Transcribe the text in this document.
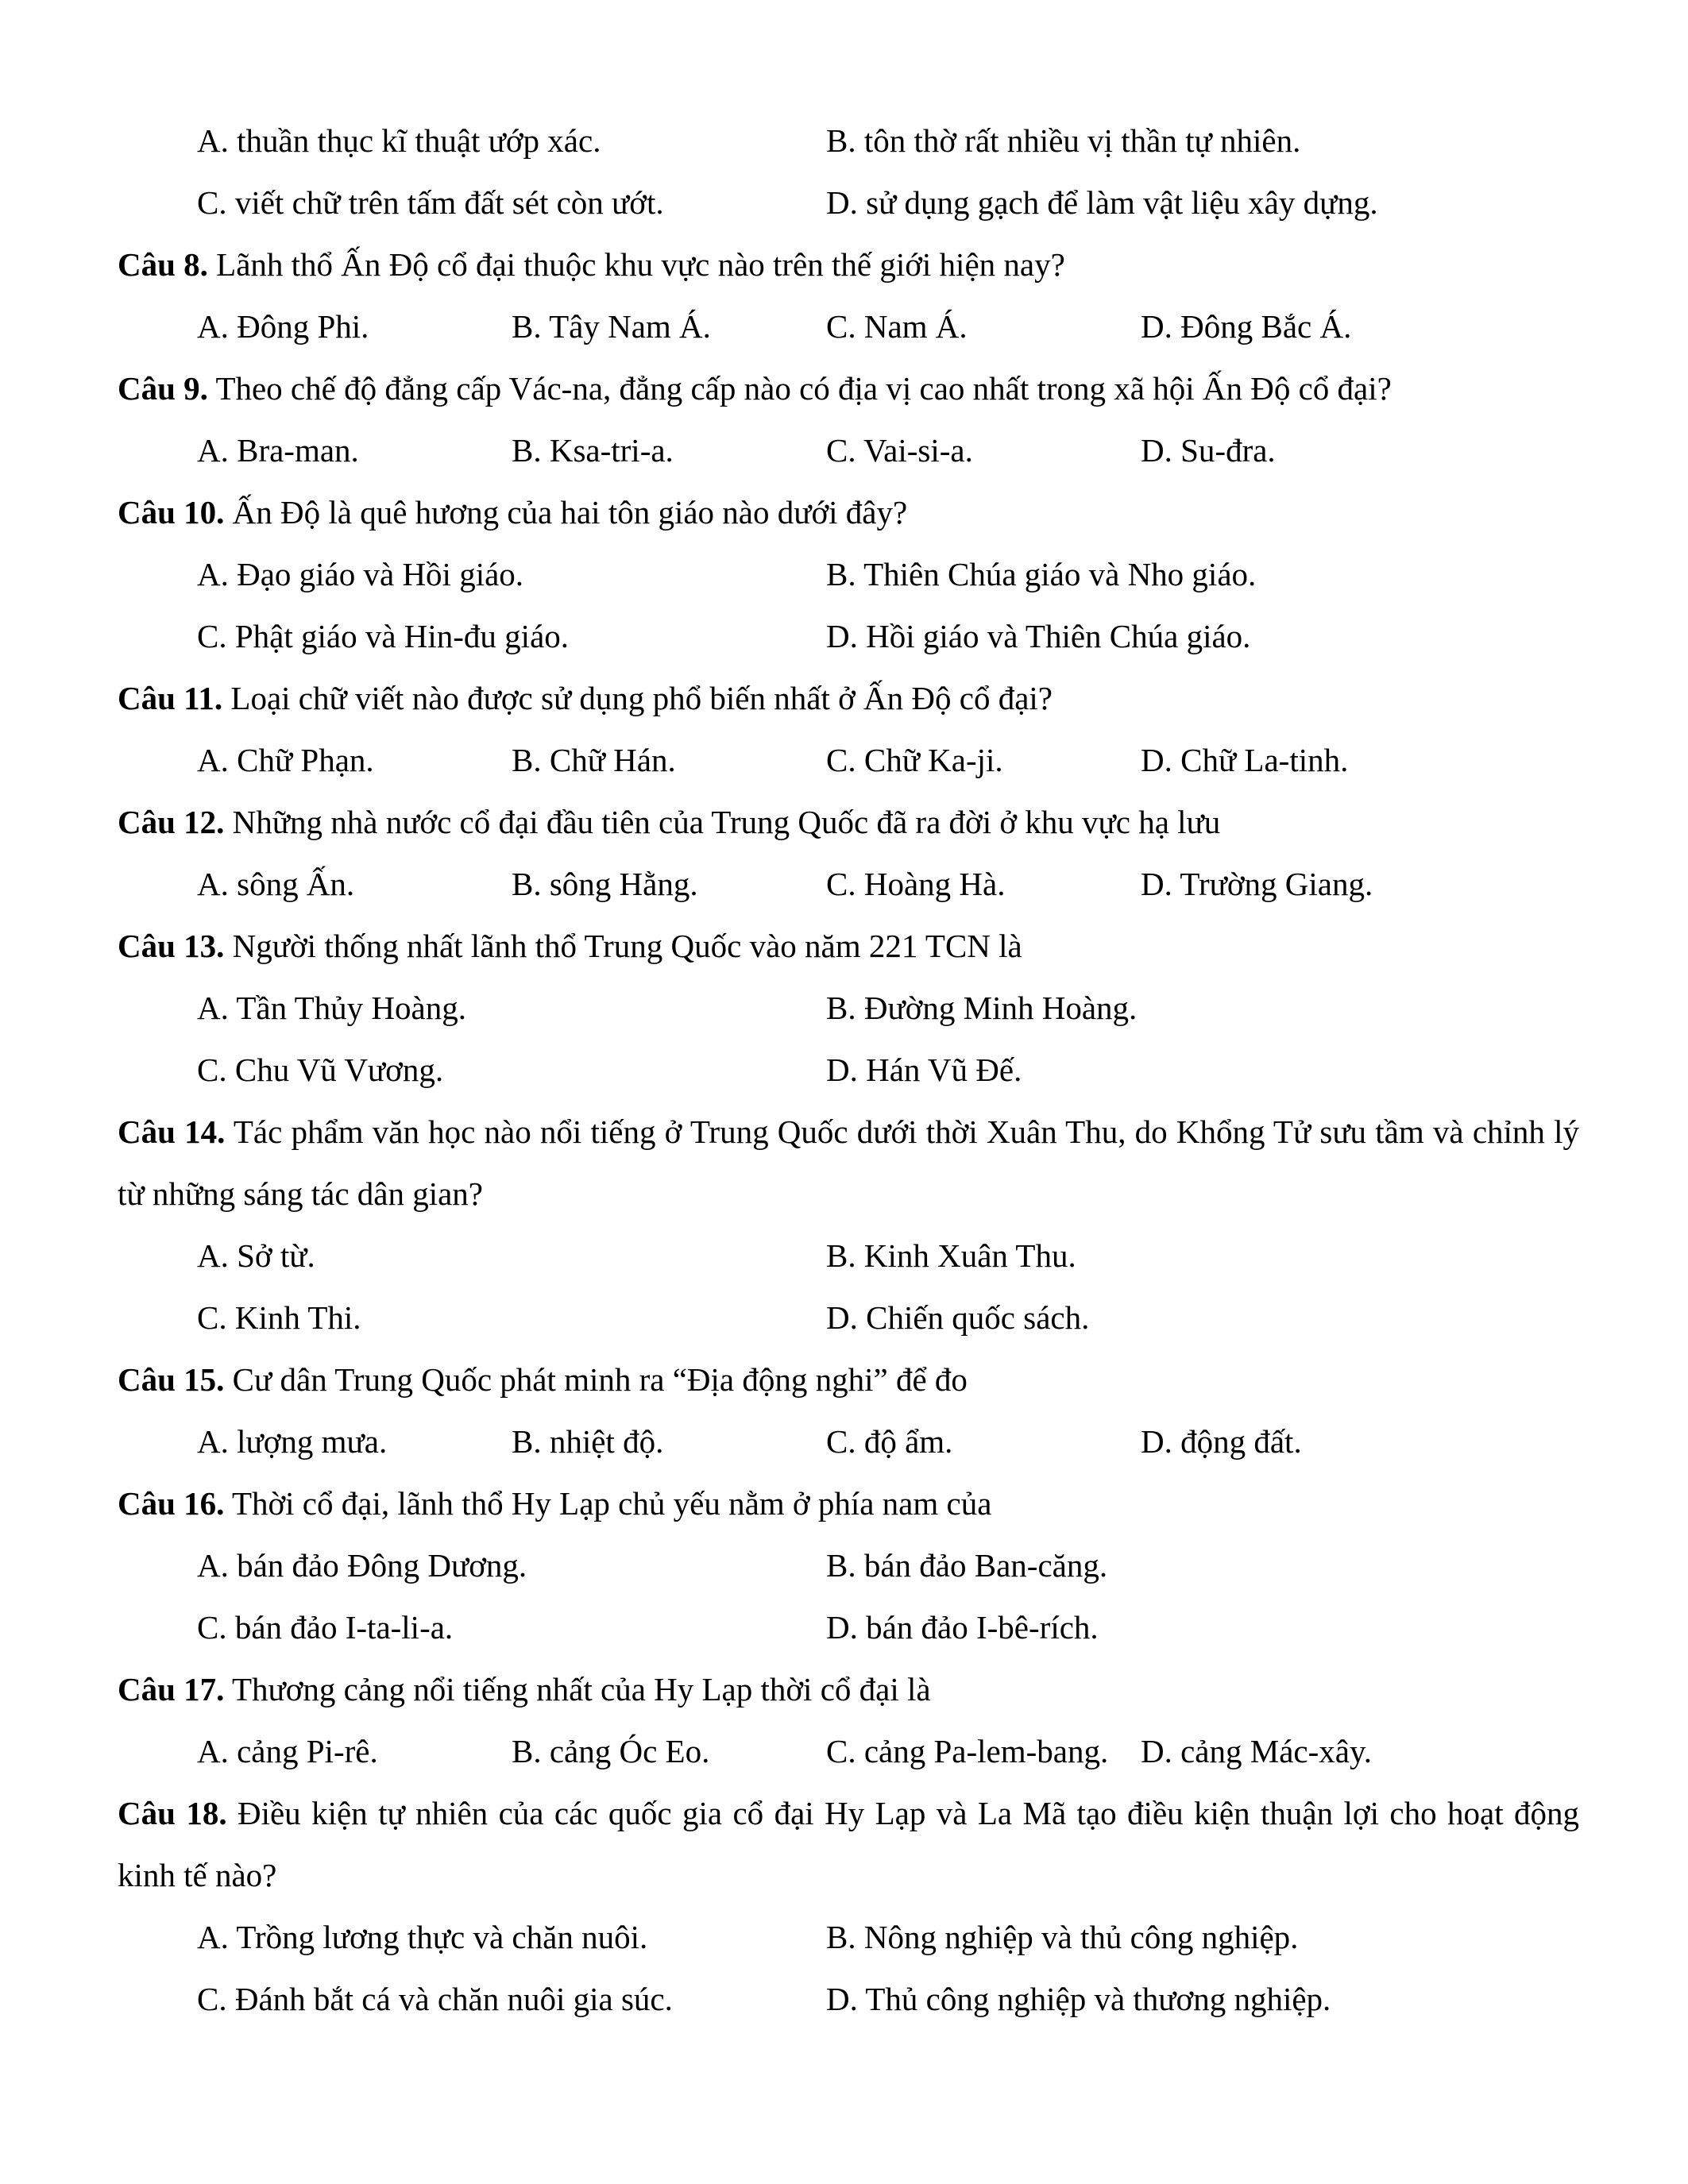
A. thuần thục kĩ thuật ướp xác.	B. tôn thờ rất nhiều vị thần tự nhiên.
C. viết chữ trên tấm đất sét còn ướt.	D. sử dụng gạch để làm vật liệu xây dựng.
Câu 8. Lãnh thổ Ấn Độ cổ đại thuộc khu vực nào trên thế giới hiện nay?
A. Đông Phi.	B. Tây Nam Á.	C. Nam Á.	D. Đông Bắc Á.
Câu 9. Theo chế độ đẳng cấp Vác-na, đẳng cấp nào có địa vị cao nhất trong xã hội Ấn Độ cổ đại?
A. Bra-man.	B. Ksa-tri-a.	C. Vai-si-a.	D. Su-đra.
Câu 10. Ấn Độ là quê hương của hai tôn giáo nào dưới đây?
A. Đạo giáo và Hồi giáo.	B. Thiên Chúa giáo và Nho giáo.
C. Phật giáo và Hin-đu giáo.	D. Hồi giáo và Thiên Chúa giáo.
Câu 11. Loại chữ viết nào được sử dụng phổ biến nhất ở Ấn Độ cổ đại?
A. Chữ Phạn.	B. Chữ Hán.	C. Chữ Ka-ji.	D. Chữ La-tinh.
Câu 12. Những nhà nước cổ đại đầu tiên của Trung Quốc đã ra đời ở khu vực hạ lưu
A. sông Ấn.	B. sông Hằng.	C. Hoàng Hà.	D. Trường Giang.
Câu 13. Người thống nhất lãnh thổ Trung Quốc vào năm 221 TCN là
A. Tần Thủy Hoàng.	B. Đường Minh Hoàng.
C. Chu Vũ Vương.	D. Hán Vũ Đế.
Câu 14. Tác phẩm văn học nào nổi tiếng ở Trung Quốc dưới thời Xuân Thu, do Khổng Tử sưu tầm và chỉnh lý từ những sáng tác dân gian?
A. Sở từ.	B. Kinh Xuân Thu.
C. Kinh Thi.	D. Chiến quốc sách.
Câu 15. Cư dân Trung Quốc phát minh ra “Địa động nghi” để đo
A. lượng mưa.	B. nhiệt độ.	C. độ ẩm.	D. động đất.
Câu 16. Thời cổ đại, lãnh thổ Hy Lạp chủ yếu nằm ở phía nam của
A. bán đảo Đông Dương.	B. bán đảo Ban-căng.
C. bán đảo I-ta-li-a.	D. bán đảo I-bê-rích.
Câu 17. Thương cảng nổi tiếng nhất của Hy Lạp thời cổ đại là
A. cảng Pi-rê.	B. cảng Óc Eo.	C. cảng Pa-lem-bang. D. cảng Mác-xây.
Câu 18. Điều kiện tự nhiên của các quốc gia cổ đại Hy Lạp và La Mã tạo điều kiện thuận lợi cho hoạt động kinh tế nào?
A. Trồng lương thực và chăn nuôi.	B. Nông nghiệp và thủ công nghiệp.
C. Đánh bắt cá và chăn nuôi gia súc.	D. Thủ công nghiệp và thương nghiệp.
